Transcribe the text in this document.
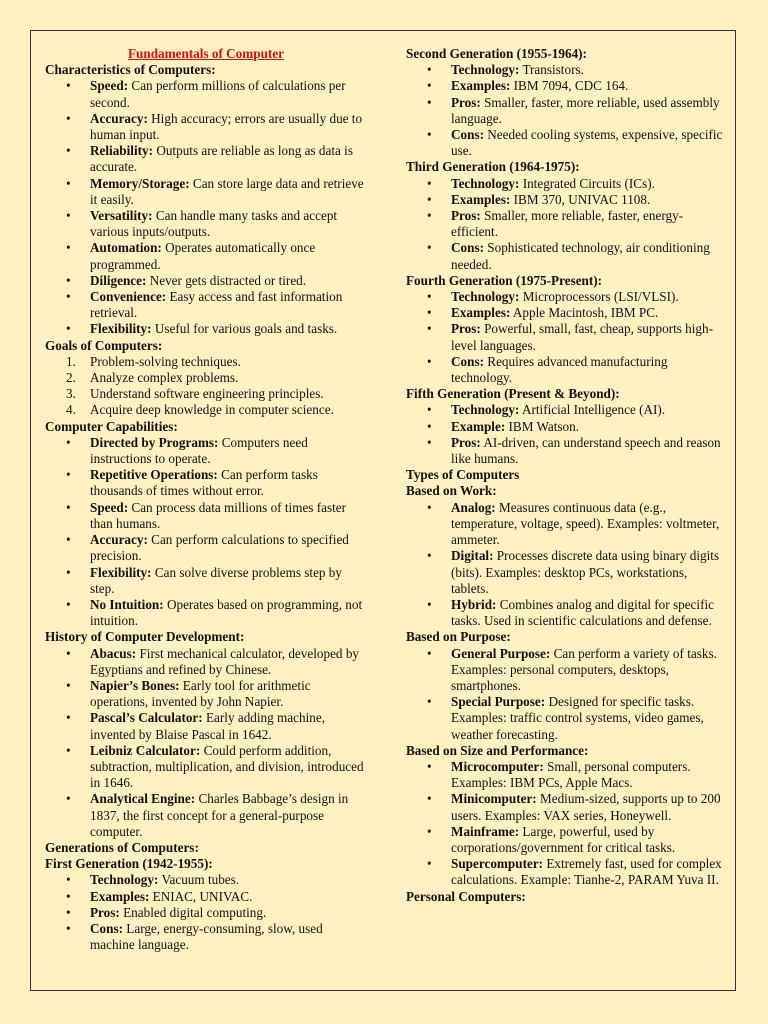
Fundamentals of Computer

Characteristics of Computers:

• Speed: Can perform millions of calculations per second.
• Accuracy: High accuracy; errors are usually due to human input.
• Reliability: Outputs are reliable as long as data is accurate.
• Memory/Storage: Can store large data and retrieve it easily.
• Versatility: Can handle many tasks and accept various inputs/outputs.
• Automation: Operates automatically once programmed.
• Diligence: Never gets distracted or tired.
• Convenience: Easy access and fast information retrieval.
• Flexibility: Useful for various goals and tasks.

Goals of Computers:

1. Problem-solving techniques.
2. Analyze complex problems.
3. Understand software engineering principles.
4. Acquire deep knowledge in computer science.

Computer Capabilities:

• Directed by Programs: Computers need instructions to operate.
• Repetitive Operations: Can perform tasks thousands of times without error.
• Speed: Can process data millions of times faster than humans.
• Accuracy: Can perform calculations to specified precision.
• Flexibility: Can solve diverse problems step by step.
• No Intuition: Operates based on programming, not intuition.

History of Computer Development:

• Abacus: First mechanical calculator, developed by Egyptians and refined by Chinese.
• Napier’s Bones: Early tool for arithmetic operations, invented by John Napier.
• Pascal’s Calculator: Early adding machine, invented by Blaise Pascal in 1642.
• Leibniz Calculator: Could perform addition, subtraction, multiplication, and division, introduced in 1646.
• Analytical Engine: Charles Babbage’s design in 1837, the first concept for a general-purpose computer.

Generations of Computers:

First Generation (1942-1955):

• Technology: Vacuum tubes.
• Examples: ENIAC, UNIVAC.
• Pros: Enabled digital computing.
• Cons: Large, energy-consuming, slow, used machine language.

Second Generation (1955-1964):

• Technology: Transistors.
• Examples: IBM 7094, CDC 164.
• Pros: Smaller, faster, more reliable, used assembly language.
• Cons: Needed cooling systems, expensive, specific use.

Third Generation (1964-1975):

• Technology: Integrated Circuits (ICs).
• Examples: IBM 370, UNIVAC 1108.
• Pros: Smaller, more reliable, faster, energy-efficient.
• Cons: Sophisticated technology, air conditioning needed.

Fourth Generation (1975-Present):

• Technology: Microprocessors (LSI/VLSI).
• Examples: Apple Macintosh, IBM PC.
• Pros: Powerful, small, fast, cheap, supports high-level languages.
• Cons: Requires advanced manufacturing technology.

Fifth Generation (Present & Beyond):

• Technology: Artificial Intelligence (AI).
• Example: IBM Watson.
• Pros: AI-driven, can understand speech and reason like humans.

Types of Computers

Based on Work:

• Analog: Measures continuous data (e.g., temperature, voltage, speed). Examples: voltmeter, ammeter.
• Digital: Processes discrete data using binary digits (bits). Examples: desktop PCs, workstations, tablets.
• Hybrid: Combines analog and digital for specific tasks. Used in scientific calculations and defense.

Based on Purpose:

• General Purpose: Can perform a variety of tasks. Examples: personal computers, desktops, smartphones.
• Special Purpose: Designed for specific tasks. Examples: traffic control systems, video games, weather forecasting.

Based on Size and Performance:

• Microcomputer: Small, personal computers. Examples: IBM PCs, Apple Macs.
• Minicomputer: Medium-sized, supports up to 200 users. Examples: VAX series, Honeywell.
• Mainframe: Large, powerful, used by corporations/government for critical tasks.
• Supercomputer: Extremely fast, used for complex calculations. Example: Tianhe-2, PARAM Yuva II.

Personal Computers:
